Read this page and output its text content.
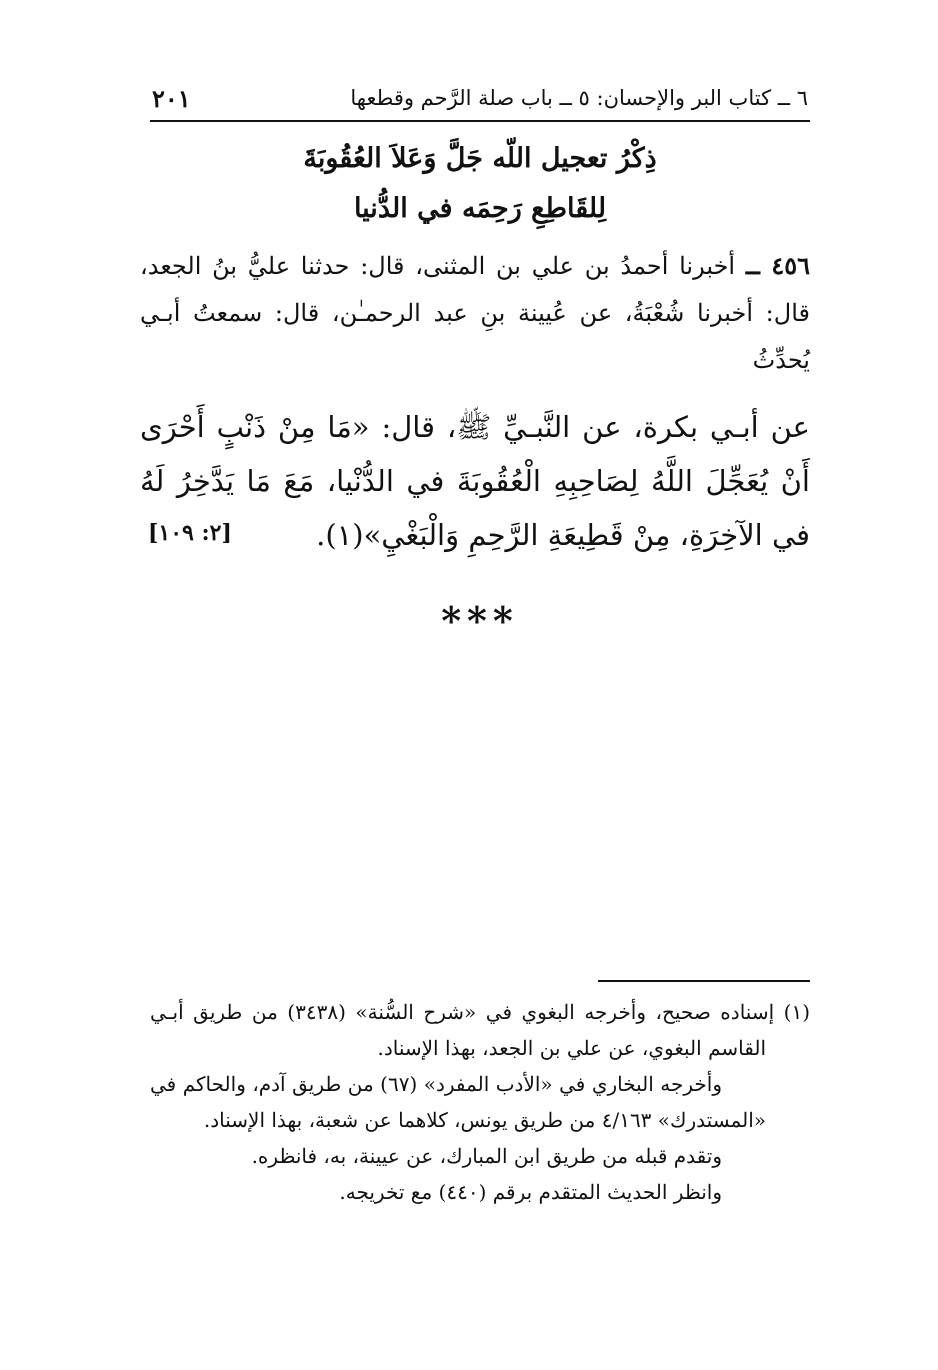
٦ ــ كتاب البر والإحسان: ٥ ــ باب صلة الرَّحم وقطعها
٢٠١
ذِكْرُ تعجيل اللّه جَلَّ وَعَلاَ العُقُوبَةَ
لِلقَاطِعِ رَحِمَه في الدُّنيا
٤٥٦ ــ أخبرنا أحمدُ بن علي بن المثنى، قال: حدثنا عليُّ بنُ الجعد، قال: أخبرنا شُعْبَةُ، عن عُيينة بنِ عبد الرحمـٰن، قال: سمعتُ أبـي يُحدِّثُ
عن أبـي بكرة، عن النَّبـيِّ ﷺ، قال: «مَا مِنْ ذَنْبٍ أَحْرَى أَنْ يُعَجِّلَ اللَّهُ لِصَاحِبِهِ الْعُقُوبَةَ في الدُّنْيا، مَعَ مَا يَدَّخِرُ لَهُ في الآخِرَةِ، مِنْ قَطِيعَةِ الرَّحِمِ وَالْبَغْيِ»(١).
[٢: ١٠٩]
***

(١) إسناده صحيح، وأخرجه البغوي في «شرح السُّنة» (٣٤٣٨) من طريق أبـي القاسم البغوي، عن علي بن الجعد، بهذا الإسناد.

وأخرجه البخاري في «الأدب المفرد» (٦٧) من طريق آدم، والحاكم في «المستدرك» ٤/١٦٣ من طريق يونس، كلاهما عن شعبة، بهذا الإسناد.

وتقدم قبله من طريق ابن المبارك، عن عيينة، به، فانظره.

وانظر الحديث المتقدم برقم (٤٤٠) مع تخريجه.
